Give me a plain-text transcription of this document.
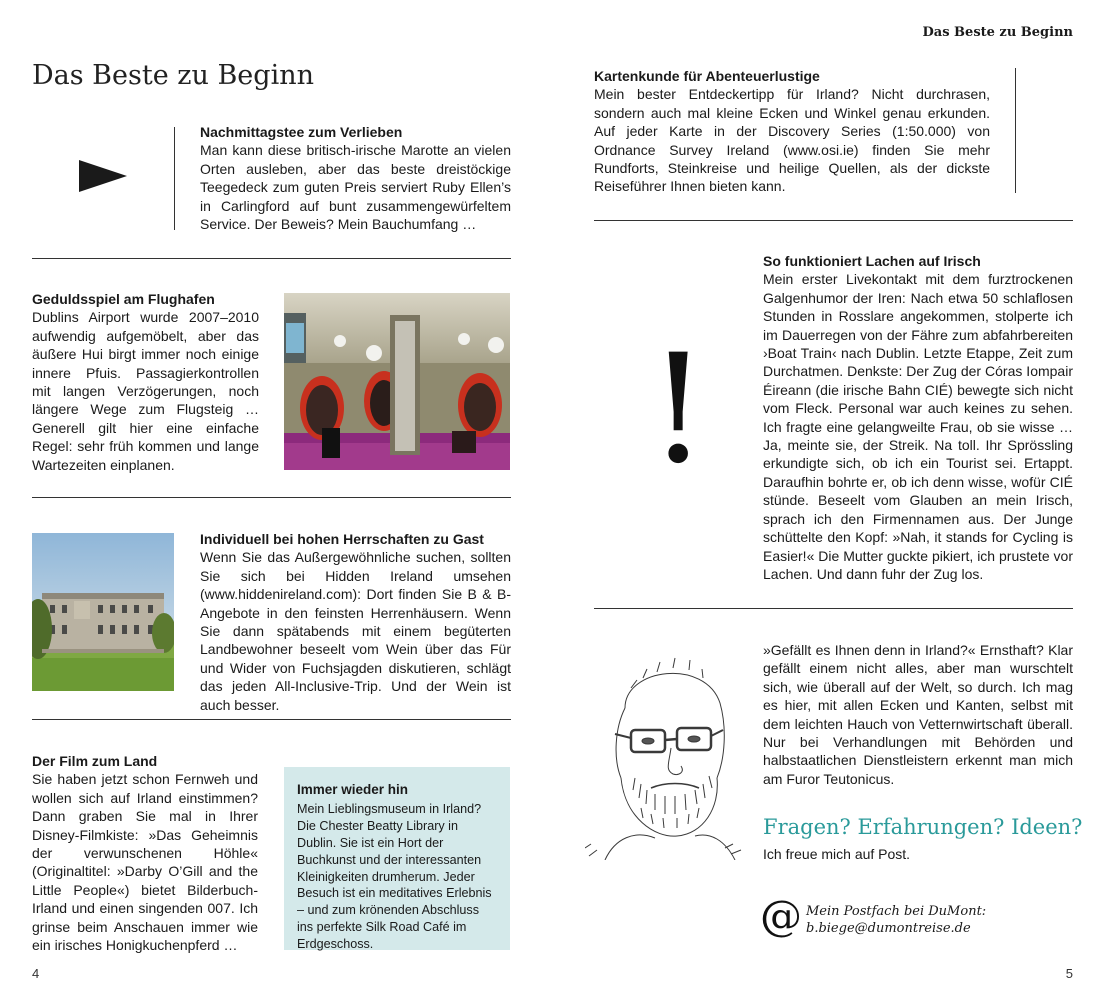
Das Beste zu Beginn
Nachmittagstee zum Verlieben
Man kann diese britisch-irische Marotte an vielen Orten ausleben, aber das beste dreistöckige Teegedeck zum guten Preis serviert Ruby Ellen’s in Carlingford auf bunt zusammengewürfeltem Service. Der Beweis? Mein Bauchumfang …
Geduldsspiel am Flughafen
Dublins Airport wurde 2007–2010 aufwendig aufgemöbelt, aber das äußere Hui birgt immer noch einige innere Pfuis. Passagierkontrollen mit langen Verzögerungen, noch längere Wege zum Flugsteig … Generell gilt hier eine einfache Regel: sehr früh kommen und lange Wartezeiten einplanen.
Individuell bei hohen Herrschaften zu Gast
Wenn Sie das Außergewöhnliche suchen, sollten Sie sich bei Hidden Ireland umsehen (www.hiddenireland.com): Dort finden Sie B & B-Angebote in den feinsten Herrenhäusern. Wenn Sie dann spätabends mit einem begüterten Landbewohner beseelt vom Wein über das Für und Wider von Fuchsjagden diskutieren, schlägt das jeden All-Inclusive-Trip. Und der Wein ist auch besser.
Der Film zum Land
Sie haben jetzt schon Fernweh und wollen sich auf Irland einstimmen? Dann graben Sie mal in Ihrer Disney-Filmkiste: »Das Geheimnis der verwunschenen Höhle« (Originaltitel: »Darby O’Gill and the Little People«) bietet Bilderbuch-Irland und einen singenden 007. Ich grinse beim Anschauen immer wie ein irisches Honigkuchenpferd …
Immer wieder hin
Mein Lieblingsmuseum in Irland? Die Chester Beatty Library in Dublin. Sie ist ein Hort der Buchkunst und der interessanten Kleinigkeiten drumherum. Jeder Besuch ist ein meditatives Erlebnis – und zum krönenden Abschluss ins perfekte Silk Road Café im Erdgeschoss.
4
Das Beste zu Beginn
Kartenkunde für Abenteuerlustige
Mein bester Entdeckertipp für Irland? Nicht durchrasen, sondern auch mal kleine Ecken und Winkel genau erkunden. Auf jeder Karte in der Discovery Series (1:50.000) von Ordnance Survey Ireland (www.osi.ie) finden Sie mehr Rundforts, Steinkreise und heilige Quellen, als der dickste Reiseführer Ihnen bieten kann.
!
So funktioniert Lachen auf Irisch
Mein erster Livekontakt mit dem furztrockenen Galgenhumor der Iren: Nach etwa 50 schlaflosen Stunden in Rosslare angekommen, stolperte ich im Dauerregen von der Fähre zum abfahrbereiten ›Boat Train‹ nach Dublin. Letzte Etappe, Zeit zum Durchatmen. Denkste: Der Zug der Córas Iompair Éireann (die irische Bahn CIÉ) bewegte sich nicht vom Fleck. Personal war auch keines zu sehen. Ich fragte eine gelangweilte Frau, ob sie wisse … Ja, meinte sie, der Streik. Na toll. Ihr Sprössling erkundigte sich, ob ich ein Tourist sei. Ertappt. Daraufhin bohrte er, ob ich denn wisse, wofür CIÉ stünde. Beseelt vom Glauben an mein Irisch, sprach ich den Firmennamen aus. Der Junge schüttelte den Kopf: »Nah, it stands for Cycling is Easier!« Die Mutter guckte pikiert, ich prustete vor Lachen. Und dann fuhr der Zug los.
»Gefällt es Ihnen denn in Irland?« Ernsthaft? Klar gefällt einem nicht alles, aber man wurschtelt sich, wie überall auf der Welt, so durch. Ich mag es hier, mit allen Ecken und Kanten, selbst mit dem leichten Hauch von Vetternwirtschaft überall. Nur bei Verhandlungen mit Behörden und halbstaatlichen Dienstleistern erkennt man mich am Furor Teutonicus.
Fragen? Erfahrungen? Ideen?
Ich freue mich auf Post.
@ Mein Postfach bei DuMont:
b.biege@dumontreise.de
5
